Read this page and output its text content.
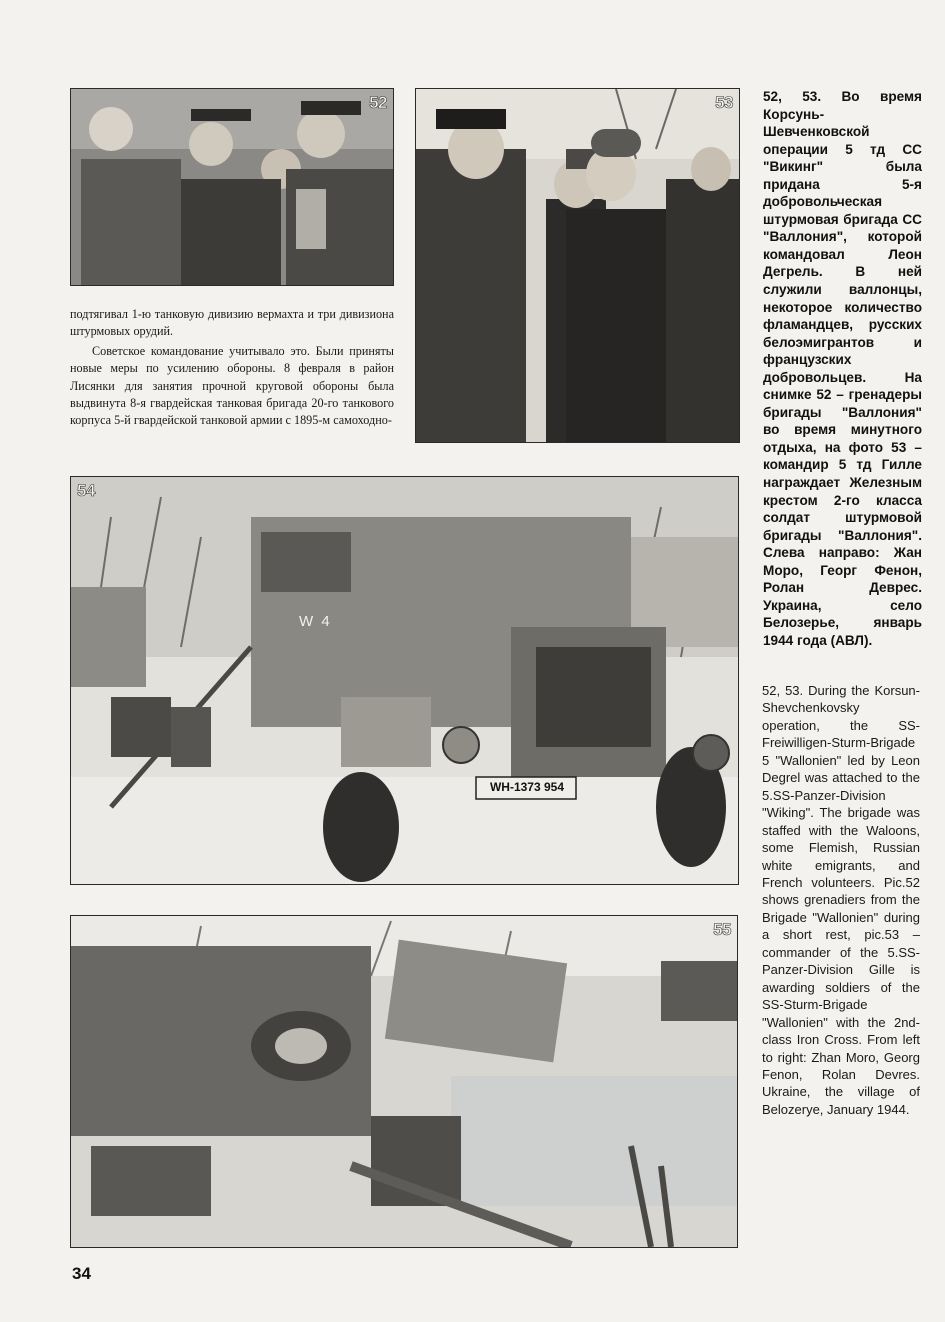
52	53
54
W 4
WH-1373 954
55

подтягивал 1-ю танковую дивизию вермахта и три дивизиона штурмовых орудий.

Советское командование учитывало это. Были приняты новые меры по усилению обороны. 8 февраля в район Лисянки для занятия прочной круговой обороны была выдвинута 8-я гвардейская танковая бригада 20-го танкового корпуса 5-й гвардейской танковой армии с 1895-м самоходно-

52, 53. Во время Корсунь-Шевченковской операции 5 тд СС "Викинг" была придана 5-я добровольческая штурмовая бригада СС "Валлония", которой командовал Леон Дегрель. В ней служили валлонцы, некоторое количество фламандцев, русских белоэмигрантов и французских добровольцев. На снимке 52 – гренадеры бригады "Валлония" во время минутного отдыха, на фото 53 – командир 5 тд Гилле награждает Железным крестом 2-го класса солдат штурмовой бригады "Валлония". Слева направо: Жан Моро, Георг Фенон, Ролан Деврес. Украина, село Белозерье, январь 1944 года (АВЛ).
52, 53. During the Korsun-Shevchenkovsky operation, the SS-Freiwilligen-Sturm-Brigade 5 "Wallonien" led by Leon Degrel was attached to the 5.SS-Panzer-Division "Wiking". The brigade was staffed with the Waloons, some Flemish, Russian white emigrants, and French volunteers. Pic.52 shows grenadiers from the Brigade "Wallonien" during a short rest, pic.53 – commander of the 5.SS-Panzer-Division Gille is awarding soldiers of the SS-Sturm-Brigade "Wallonien" with the 2nd-class Iron Cross. From left to right: Zhan Moro, Georg Fenon, Rolan Devres. Ukraine, the village of Belozerye, January 1944.
34
